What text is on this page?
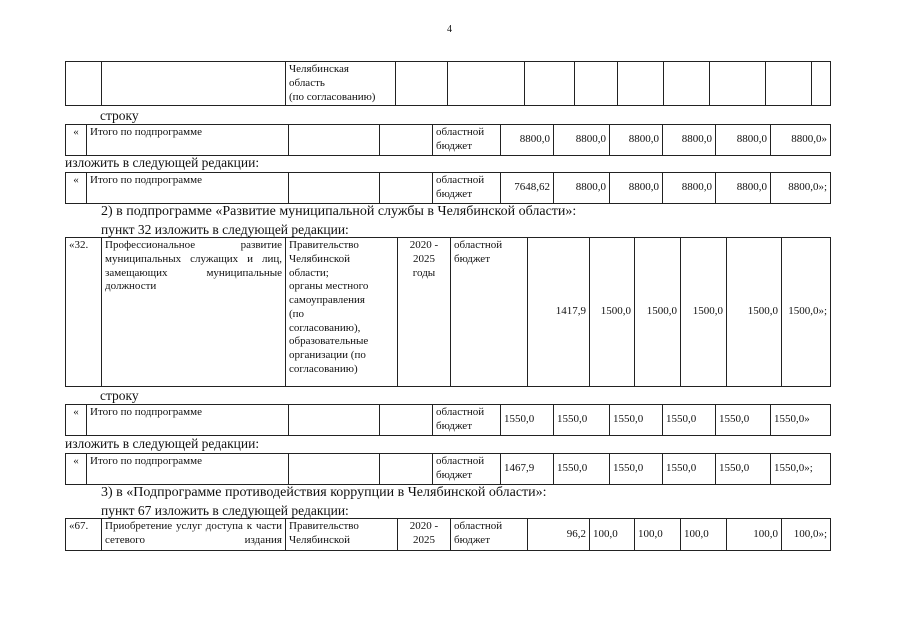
4
		Челябинская
область
(по согласованию)									
строку
«	Итого по подпрограмме			областной
бюджет	8800,0	8800,0	8800,0	8800,0	8800,0	8800,0»
изложить в следующей редакции:
«	Итого по подпрограмме			областной
бюджет	7648,62	8800,0	8800,0	8800,0	8800,0	8800,0»;
2) в подпрограмме «Развитие муниципальной службы в Челябинской области»:
пункт 32 изложить в следующей редакции:
«32.	Профессиональное развитие муниципальных служащих и лиц, замещающих муниципальные должности	Правительство
Челябинской
области;
органы местного
самоуправления
(по
согласованию),
образовательные
организации (по
согласованию)	2020 -
2025
годы	областной
бюджет	1417,9	1500,0	1500,0	1500,0	1500,0	1500,0»;
строку
«	Итого по подпрограмме			областной
бюджет	1550,0	1550,0	1550,0	1550,0	1550,0	1550,0»
изложить в следующей редакции:
«	Итого по подпрограмме			областной
бюджет	1467,9	1550,0	1550,0	1550,0	1550,0	1550,0»;
3) в «Подпрограмме противодействия коррупции в Челябинской области»:
пункт 67 изложить в следующей редакции:
«67.	Приобретение услуг доступа к части сетевого издания	Правительство
Челябинской	2020 -
2025	областной
бюджет	96,2	100,0	100,0	100,0	100,0	100,0»;
